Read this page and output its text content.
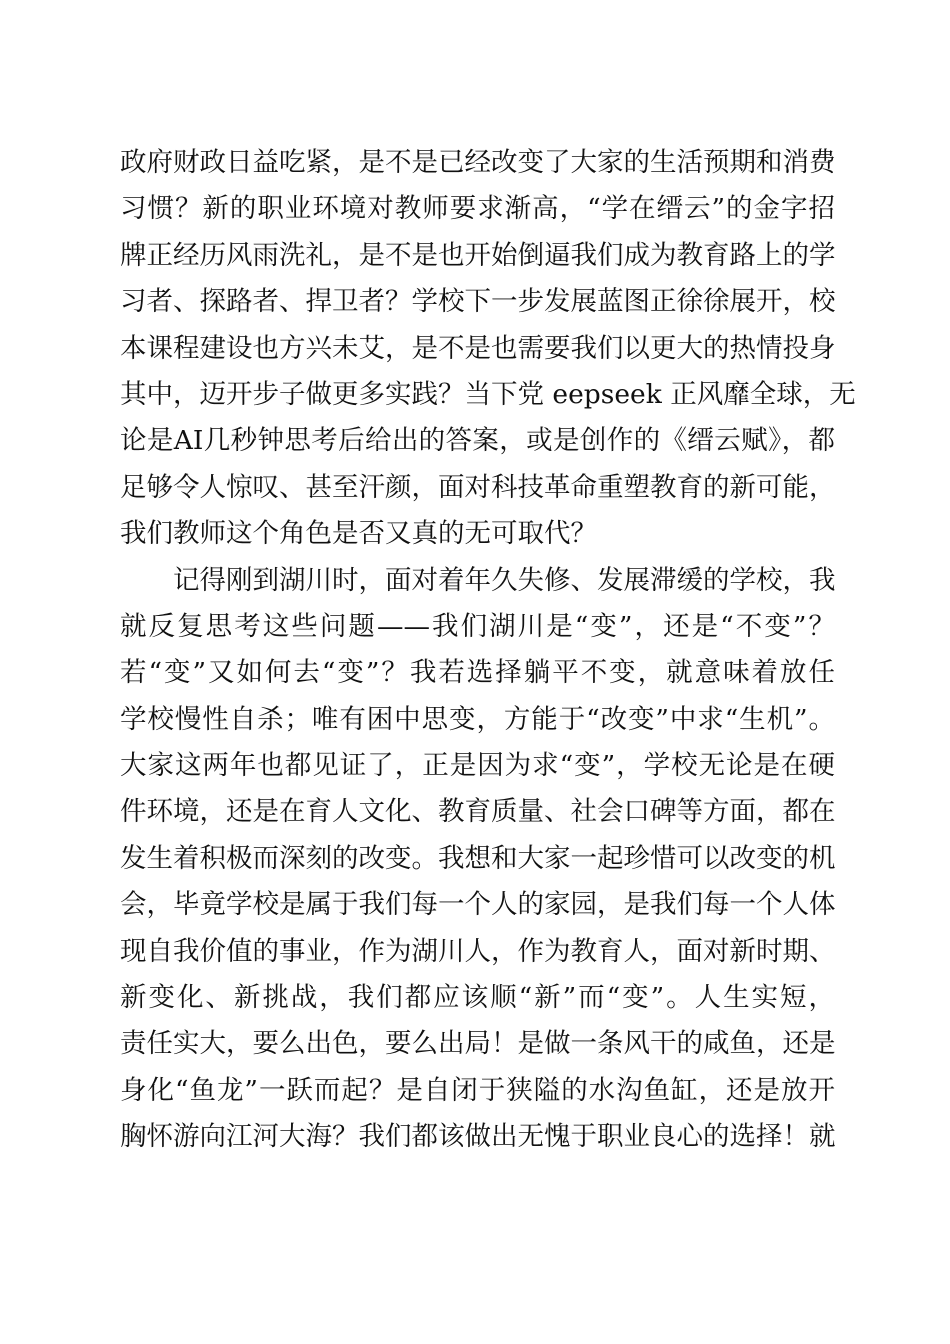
政府财政日益吃紧，是不是已经改变了大家的生活预期和消费
习惯？新的职业环境对教师要求渐高，“学在缙云”的金字招
牌正经历风雨洗礼，是不是也开始倒逼我们成为教育路上的学
习者、探路者、捍卫者？学校下一步发展蓝图正徐徐展开，校
本课程建设也方兴未艾，是不是也需要我们以更大的热情投身
其中，迈开步子做更多实践？当下党 eepseek 正风靡全球，无
论是AI几秒钟思考后给出的答案，或是创作的《缙云赋》，都
足够令人惊叹、甚至汗颜，面对科技革命重塑教育的新可能，
我们教师这个角色是否又真的无可取代？
记得刚到湖川时，面对着年久失修、发展滞缓的学校，我
就反复思考这些问题——我们湖川是“变”，还是“不变”？
若“变”又如何去“变”？我若选择躺平不变，就意味着放任
学校慢性自杀；唯有困中思变，方能于“改变”中求“生机”。
大家这两年也都见证了，正是因为求“变”，学校无论是在硬
件环境，还是在育人文化、教育质量、社会口碑等方面，都在
发生着积极而深刻的改变。我想和大家一起珍惜可以改变的机
会，毕竟学校是属于我们每一个人的家园，是我们每一个人体
现自我价值的事业，作为湖川人，作为教育人，面对新时期、
新变化、新挑战，我们都应该顺“新”而“变”。人生实短，
责任实大，要么出色，要么出局！是做一条风干的咸鱼，还是
身化“鱼龙”一跃而起？是自闭于狭隘的水沟鱼缸，还是放开
胸怀游向江河大海？我们都该做出无愧于职业良心的选择！就
